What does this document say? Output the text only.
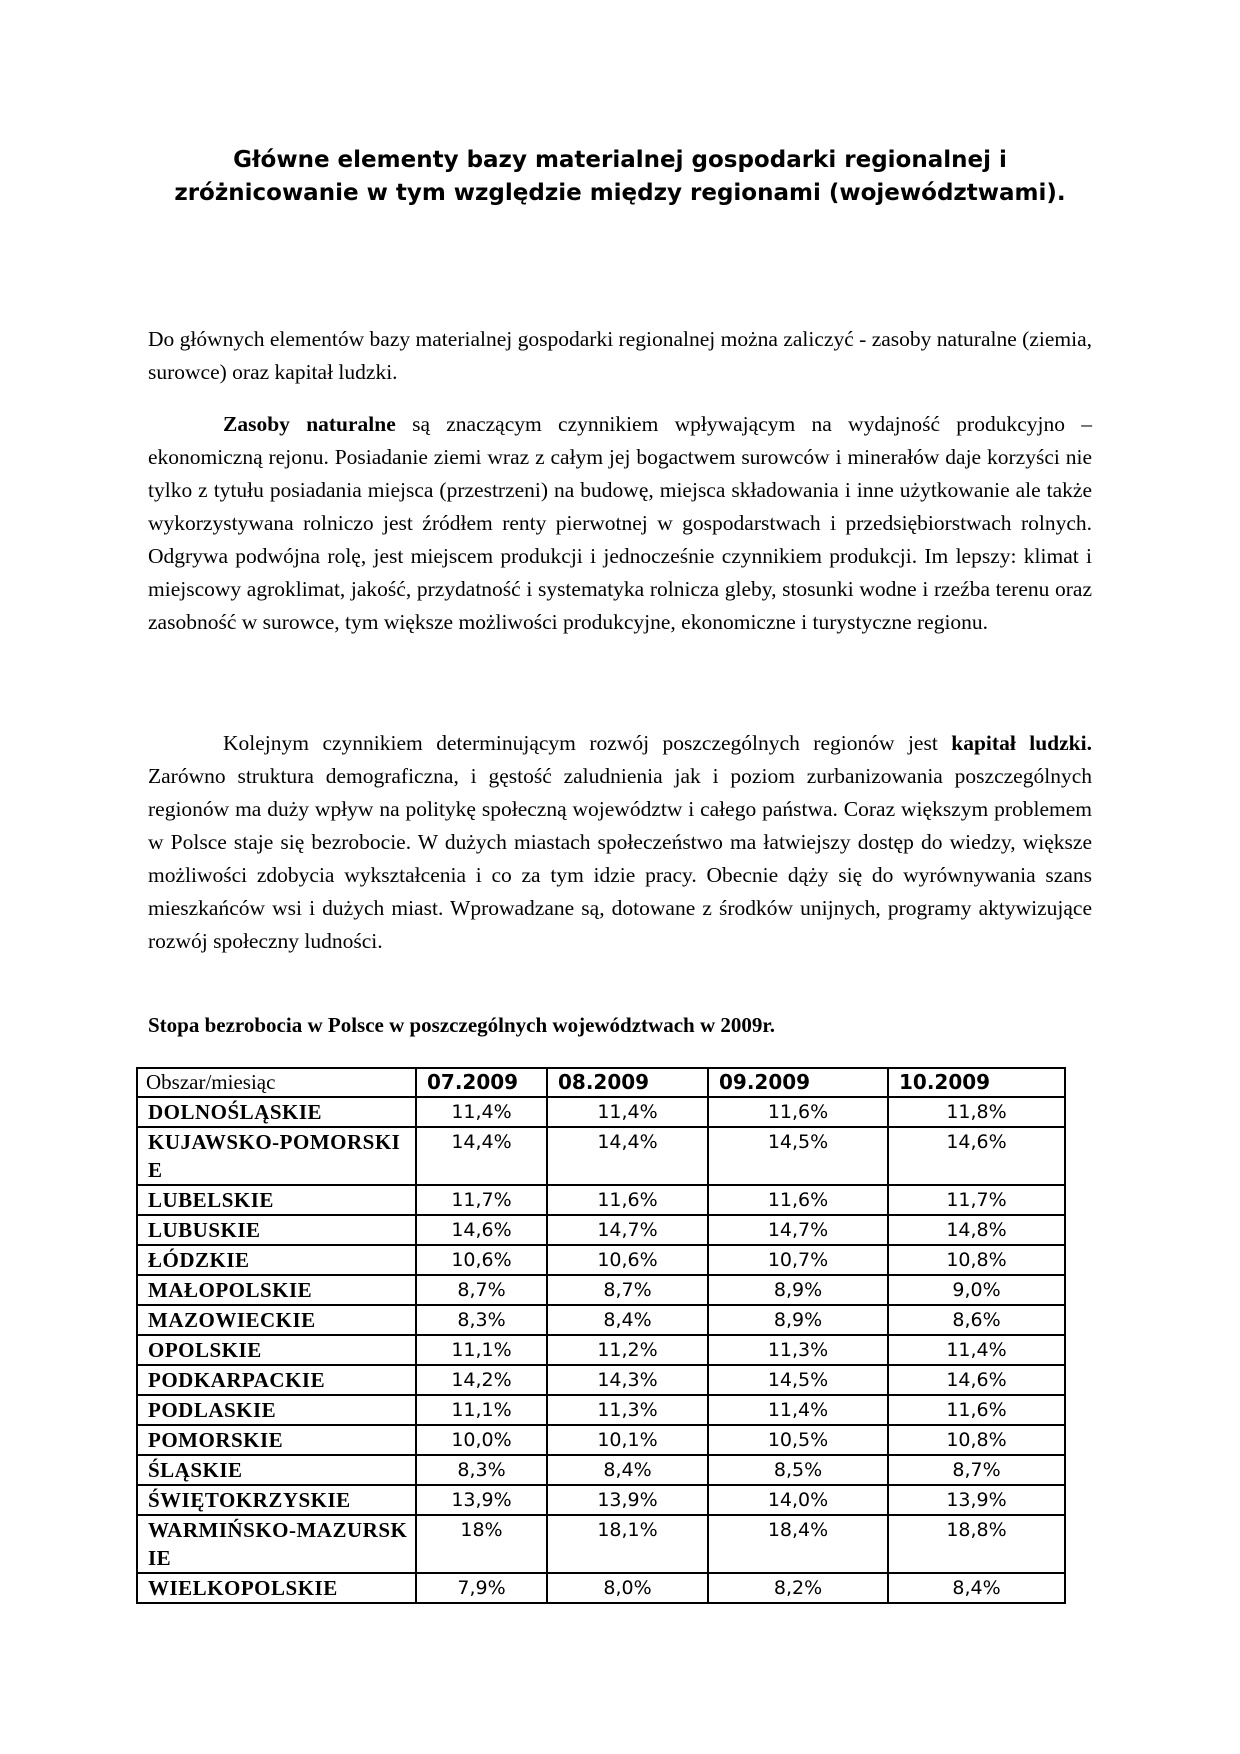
Główne elementy bazy materialnej gospodarki regionalnej i zróżnicowanie w tym względzie między regionami (województwami).

Do głównych elementów bazy materialnej gospodarki regionalnej można zaliczyć - zasoby naturalne (ziemia, surowce) oraz kapitał ludzki.

Zasoby naturalne są znaczącym czynnikiem wpływającym na wydajność produkcyjno – ekonomiczną rejonu. Posiadanie ziemi wraz z całym jej bogactwem surowców i minerałów daje korzyści nie tylko z tytułu posiadania miejsca (przestrzeni) na budowę, miejsca składowania i inne użytkowanie ale także wykorzystywana rolniczo jest źródłem renty pierwotnej w gospodarstwach i przedsiębiorstwach rolnych. Odgrywa podwójna rolę, jest miejscem produkcji i jednocześnie czynnikiem produkcji. Im lepszy: klimat i miejscowy agroklimat, jakość, przydatność i systematyka rolnicza gleby, stosunki wodne i rzeźba terenu oraz zasobność w surowce, tym większe możliwości produkcyjne, ekonomiczne i turystyczne regionu.

Kolejnym czynnikiem determinującym rozwój poszczególnych regionów jest kapitał ludzki. Zarówno struktura demograficzna, i gęstość zaludnienia jak i poziom zurbanizowania poszczególnych regionów ma duży wpływ na politykę społeczną województw i całego państwa. Coraz większym problemem w Polsce staje się bezrobocie. W dużych miastach społeczeństwo ma łatwiejszy dostęp do wiedzy, większe możliwości zdobycia wykształcenia i co za tym idzie pracy. Obecnie dąży się do wyrównywania szans mieszkańców wsi i dużych miast. Wprowadzane są, dotowane z środków unijnych, programy aktywizujące rozwój społeczny ludności.

Stopa bezrobocia w Polsce w poszczególnych województwach w 2009r.
Obszar/miesiąc	07.2009	08.2009	09.2009	10.2009
DOLNOŚLĄSKIE	11,4%	11,4%	11,6%	11,8%
KUJAWSKO-POMORSKIE	14,4%	14,4%	14,5%	14,6%
LUBELSKIE	11,7%	11,6%	11,6%	11,7%
LUBUSKIE	14,6%	14,7%	14,7%	14,8%
ŁÓDZKIE	10,6%	10,6%	10,7%	10,8%
MAŁOPOLSKIE	8,7%	8,7%	8,9%	9,0%
MAZOWIECKIE	8,3%	8,4%	8,9%	8,6%
OPOLSKIE	11,1%	11,2%	11,3%	11,4%
PODKARPACKIE	14,2%	14,3%	14,5%	14,6%
PODLASKIE	11,1%	11,3%	11,4%	11,6%
POMORSKIE	10,0%	10,1%	10,5%	10,8%
ŚLĄSKIE	8,3%	8,4%	8,5%	8,7%
ŚWIĘTOKRZYSKIE	13,9%	13,9%	14,0%	13,9%
WARMIŃSKO-MAZURSKIE	18%	18,1%	18,4%	18,8%
WIELKOPOLSKIE	7,9%	8,0%	8,2%	8,4%
